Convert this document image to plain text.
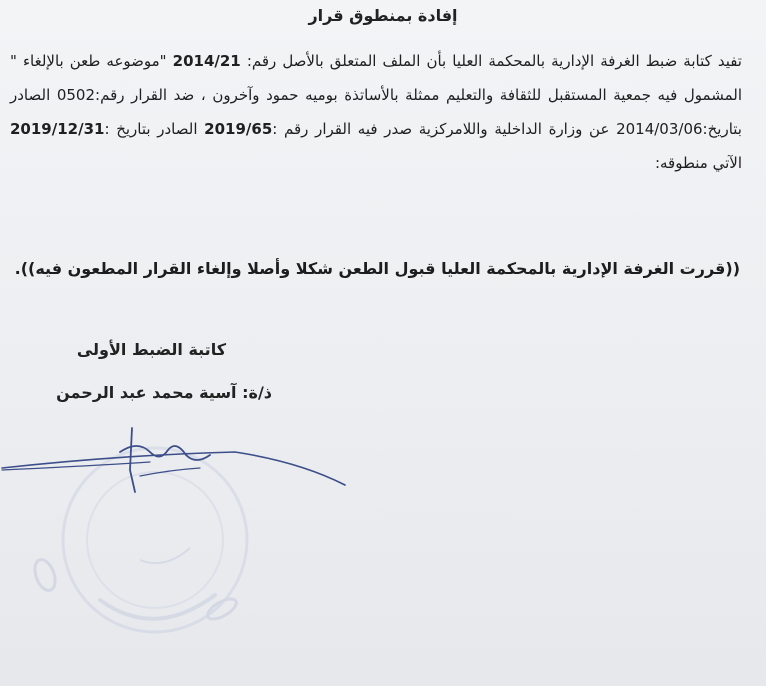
إفادة بمنطوق قرار
تفيد كتابة ضبط الغرفة الإدارية بالمحكمة العليا بأن الملف المتعلق بالأصل رقم: 2014/21 "موضوعه طعن بالإلغاء " المشمول فيه جمعية المستقبل للثقافة والتعليم ممثلة بالأساتذة بوميه حمود وآخرون ، ضد القرار رقم:0502 الصادر بتاريخ:2014/03/06 عن وزارة الداخلية واللامركزية صدر فيه القرار رقم :2019/65 الصادر بتاريخ :2019/12/31 الآتي منطوقه:
((قررت الغرفة الإدارية بالمحكمة العليا قبول الطعن شكلا وأصلا وإلغاء القرار المطعون فيه)).
كاتبة الضبط الأولى
ذ/ة: آسية محمد عبد الرحمن
